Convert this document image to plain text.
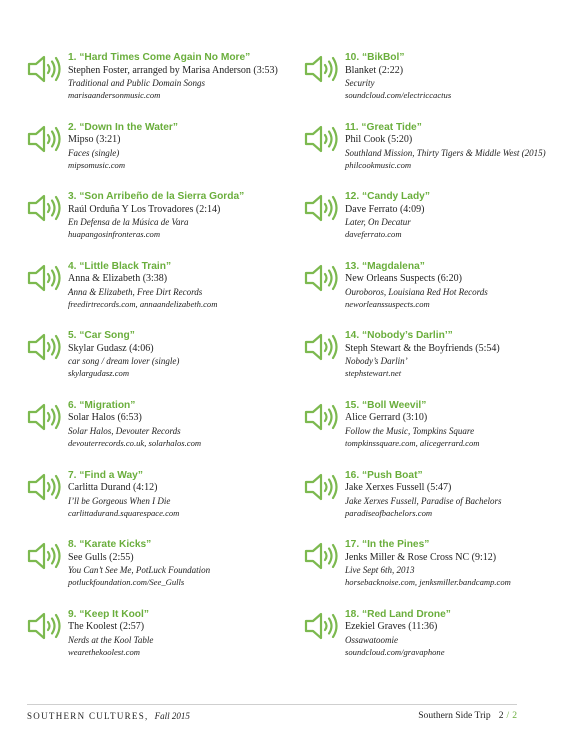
1. “Hard Times Come Again No More”
Stephen Foster, arranged by Marisa Anderson (3:53)
Traditional and Public Domain Songs
marisaandersonmusic.com
2. “Down In the Water”
Mipso (3:21)
Faces (single)
mipsomusic.com
3. “Son Arribeño de la Sierra Gorda”
Raúl Orduña Y Los Trovadores (2:14)
En Defensa de la Música de Vara
huapangosinfronteras.com
4. “Little Black Train”
Anna & Elizabeth (3:38)
Anna & Elizabeth, Free Dirt Records
freedirtrecords.com, annaandelizabeth.com
5. “Car Song”
Skylar Gudasz (4:06)
car song / dream lover (single)
skylargudasz.com
6. “Migration”
Solar Halos (6:53)
Solar Halos, Devouter Records
devouterrecords.co.uk, solarhalos.com
7. “Find a Way”
Carlitta Durand (4:12)
I’ll be Gorgeous When I Die
carlittadurand.squarespace.com
8. “Karate Kicks”
See Gulls (2:55)
You Can’t See Me, PotLuck Foundation
potluckfoundation.com/See_Gulls
9. “Keep It Kool”
The Koolest (2:57)
Nerds at the Kool Table
wearethekoolest.com
10. “BikBol”
Blanket (2:22)
Security
soundcloud.com/electriccactus
11. “Great Tide”
Phil Cook (5:20)
Southland Mission, Thirty Tigers & Middle West (2015)
philcookmusic.com
12. “Candy Lady”
Dave Ferrato (4:09)
Later, On Decatur
daveferrato.com
13. “Magdalena”
New Orleans Suspects (6:20)
Ouroboros, Louisiana Red Hot Records
neworleanssuspects.com
14. “Nobody’s Darlin’”
Steph Stewart & the Boyfriends (5:54)
Nobody’s Darlin’
stephstewart.net
15. “Boll Weevil”
Alice Gerrard (3:10)
Follow the Music, Tompkins Square
tompkinssquare.com, alicegerrard.com
16. “Push Boat”
Jake Xerxes Fussell (5:47)
Jake Xerxes Fussell, Paradise of Bachelors
paradiseofbachelors.com
17. “In the Pines”
Jenks Miller & Rose Cross NC (9:12)
Live Sept 6th, 2013
horsebacknoise.com, jenksmiller.bandcamp.com
18. “Red Land Drone”
Ezekiel Graves (11:36)
Ossawatoomie
soundcloud.com/gravaphone
SOUTHERN CULTURES, Fall 2015	Southern Side Trip 2 / 2
